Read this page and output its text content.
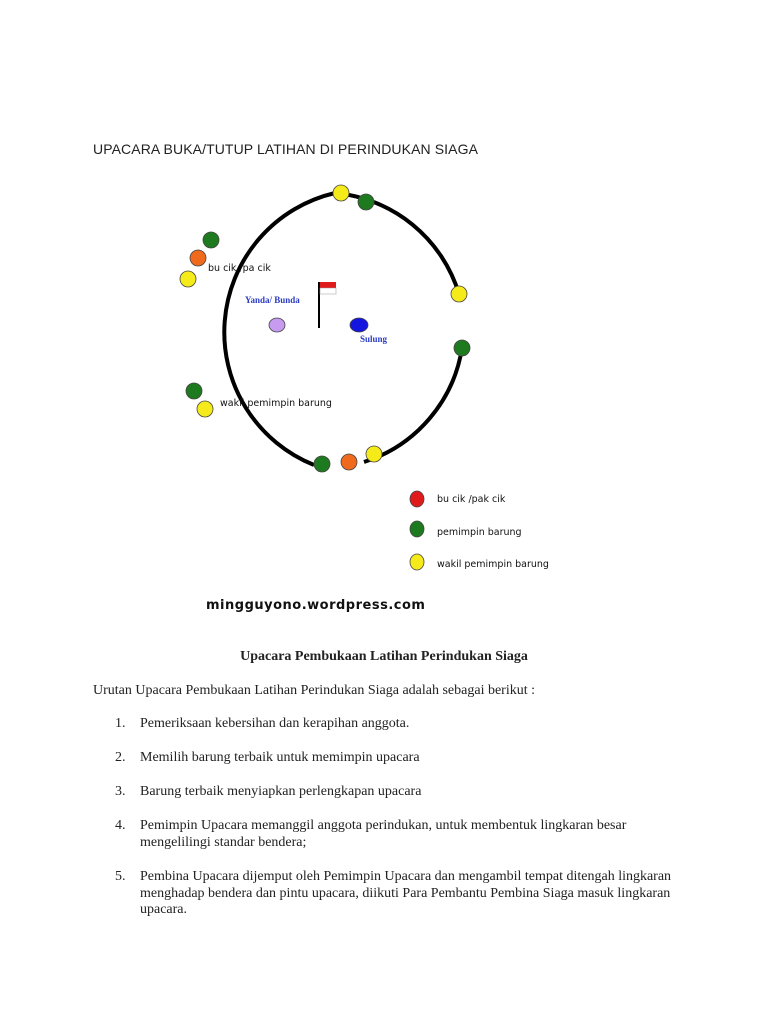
UPACARA BUKA/TUTUP LATIHAN DI PERINDUKAN SIAGA
bu cik /pa cik
Yanda/ Bunda
Sulung
wakil pemimpin barung
bu cik /pak cik
pemimpin barung
wakil pemimpin barung
mingguyono.wordpress.com
Upacara Pembukaan Latihan Perindukan Siaga
Urutan Upacara Pembukaan Latihan Perindukan Siaga adalah sebagai berikut :
1. Pemeriksaan kebersihan dan kerapihan anggota.
2. Memilih barung terbaik untuk memimpin upacara
3. Barung terbaik menyiapkan perlengkapan upacara
4. Pemimpin Upacara memanggil anggota perindukan, untuk membentuk lingkaran besar mengelilingi standar bendera;
5. Pembina Upacara dijemput oleh Pemimpin Upacara dan mengambil tempat ditengah lingkaran menghadap bendera dan pintu upacara, diikuti Para Pembantu Pembina Siaga masuk lingkaran upacara.
